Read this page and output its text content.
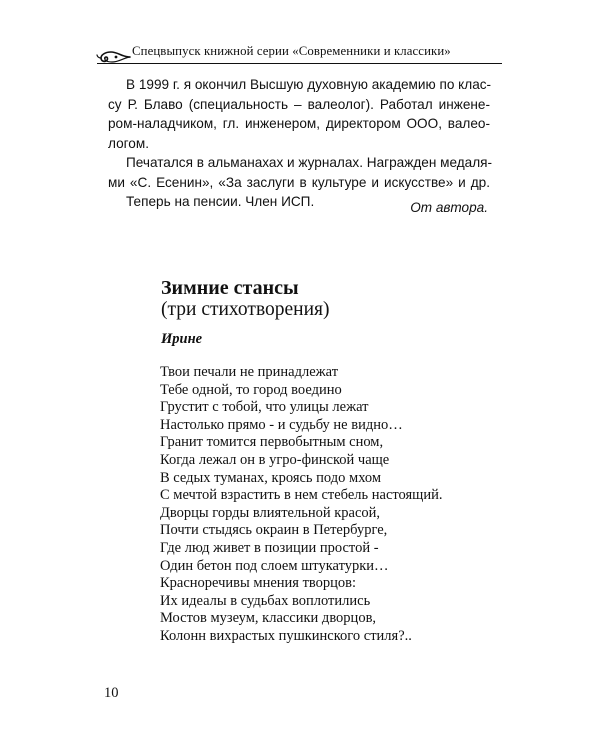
Спецвыпуск книжной серии «Современники и классики»
В 1999 г. я окончил Высшую духовную академию по клас-
су Р. Блаво (специальность – валеолог). Работал инжене-
ром-наладчиком, гл. инженером, директором ООО, валео-
логом.
Печатался в альманахах и журналах. Награжден медаля-
ми «С. Есенин», «За заслуги в культуре и искусстве» и др.
Теперь на пенсии. Член ИСП.	От автора.
Зимние стансы
(три стихотворения)
Ирине
Твои печали не принадлежат
Тебе одной, то город воедино
Грустит с тобой, что улицы лежат
Настолько прямо - и судьбу не видно…
Гранит томится первобытным сном,
Когда лежал он в угро-финской чаще
В седых туманах, кроясь подо мхом
С мечтой взрастить в нем стебель настоящий.
Дворцы горды влиятельной красой,
Почти стыдясь окраин в Петербурге,
Где люд живет в позиции простой -
Один бетон под слоем штукатурки…
Красноречивы мнения творцов:
Их идеалы в судьбах воплотились
Мостов музеум, классики дворцов,
Колонн вихрастых пушкинского стиля?..
10
